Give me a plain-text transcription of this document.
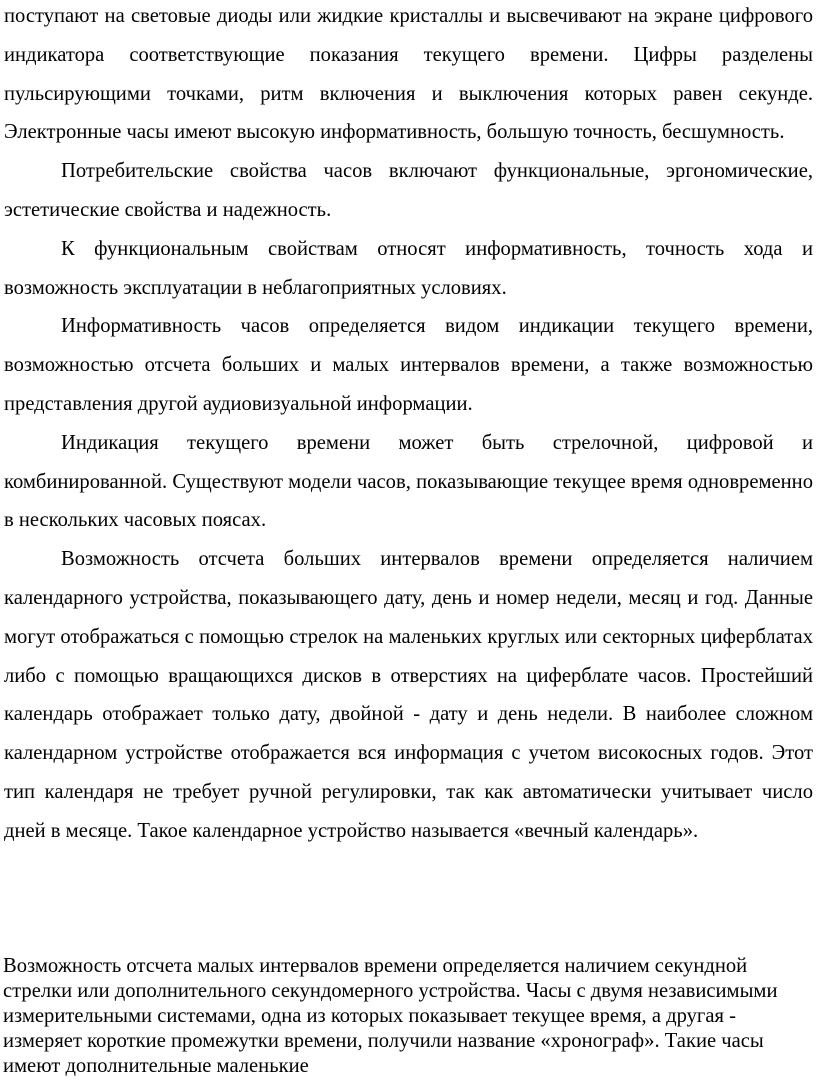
поступают на световые диоды или жидкие кристаллы и высвечивают на экране цифрового индикатора соответствующие показания текущего времени. Цифры разделены пульсирующими точками, ритм включения и выключения которых равен секунде. Электронные часы имеют высокую информативность, большую точность, бесшумность.

Потребительские свойства часов включают функциональные, эргономические, эстетические свойства и надежность.

К функциональным свойствам относят информативность, точность хода и возможность эксплуатации в неблагоприятных условиях.

Информативность часов определяется видом индикации текущего времени, возможностью отсчета больших и малых интервалов времени, а также возможностью представления другой аудиовизуальной информации.

Индикация текущего времени может быть стрелочной, цифровой и комбинированной. Существуют модели часов, показывающие текущее время одновременно в нескольких часовых поясах.

Возможность отсчета больших интервалов времени определяется наличием календарного устройства, показывающего дату, день и номер недели, месяц и год. Данные могут отображаться с помощью стрелок на маленьких круглых или секторных циферблатах либо с помощью вращающихся дисков в отверстиях на циферблате часов. Простейший календарь отображает только дату, двойной - дату и день недели. В наиболее сложном календарном устройстве отображается вся информация с учетом високосных годов. Этот тип календаря не требует ручной регулировки, так как автоматически учитывает число дней в месяце. Такое календарное устройство называется «вечный календарь».

Возможность отсчета малых интервалов времени определяется наличием секундной стрелки или дополнительного секундомерного устройства. Часы с двумя независимыми измерительными системами, одна из которых показывает текущее время, а другая - измеряет короткие промежутки времени, получили название «хронограф». Такие часы имеют дополнительные маленькие
